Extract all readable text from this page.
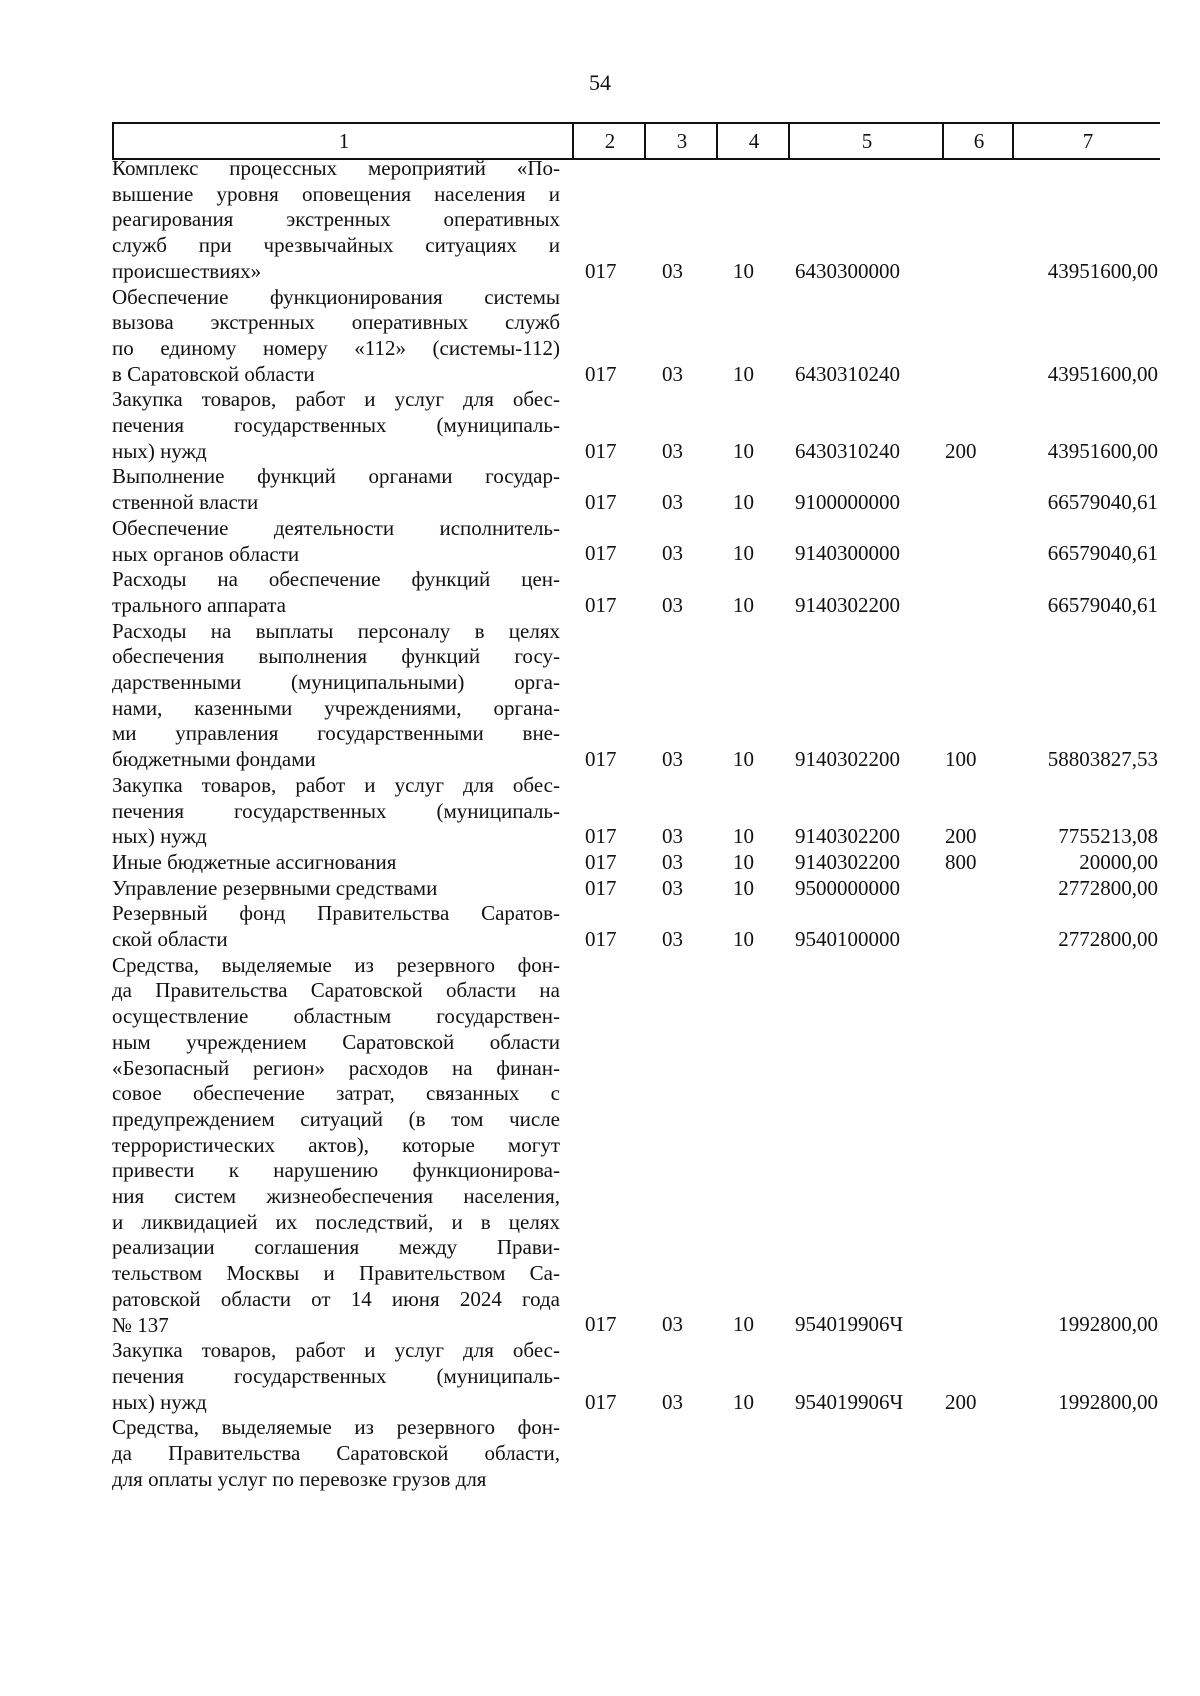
54
1	2	3	4	5	6	7
Комплекс процессных мероприятий «По-
вышение уровня оповещения населения и
реагирования экстренных оперативных
служб при чрезвычайных ситуациях и
происшествиях»	017 03 10 6430300000	43951600,00
Обеспечение функционирования системы
вызова экстренных оперативных служб
по единому номеру «112» (системы-112)
в Саратовской области	017 03 10 6430310240	43951600,00
Закупка товаров, работ и услуг для обес-
печения государственных (муниципаль-
ных) нужд	017 03 10 6430310240 200	43951600,00
Выполнение функций органами государ-
ственной власти	017 03 10 9100000000	66579040,61
Обеспечение деятельности исполнитель-
ных органов области	017 03 10 9140300000	66579040,61
Расходы на обеспечение функций цен-
трального аппарата	017 03 10 9140302200	66579040,61
Расходы на выплаты персоналу в целях
обеспечения выполнения функций госу-
дарственными (муниципальными) орга-
нами, казенными учреждениями, органа-
ми управления государственными вне-
бюджетными фондами	017 03 10 9140302200 100	58803827,53
Закупка товаров, работ и услуг для обес-
печения государственных (муниципаль-
ных) нужд	017 03 10 9140302200 200	7755213,08
Иные бюджетные ассигнования	017 03 10 9140302200 800	20000,00
Управление резервными средствами	017 03 10 9500000000	2772800,00
Резервный фонд Правительства Саратов-
ской области	017 03 10 9540100000	2772800,00
Средства, выделяемые из резервного фон-
да Правительства Саратовской области на
осуществление областным государствен-
ным учреждением Саратовской области
«Безопасный регион» расходов на финан-
совое обеспечение затрат, связанных с
предупреждением ситуаций (в том числе
террористических актов), которые могут
привести к нарушению функционирова-
ния систем жизнеобеспечения населения,
и ликвидацией их последствий, и в целях
реализации соглашения между Прави-
тельством Москвы и Правительством Са-
ратовской области от 14 июня 2024 года
№ 137	017 03 10 954019906Ч	1992800,00
Закупка товаров, работ и услуг для обес-
печения государственных (муниципаль-
ных) нужд	017 03 10 954019906Ч 200	1992800,00
Средства, выделяемые из резервного фон-
да Правительства Саратовской области,
для оплаты услуг по перевозке грузов для
